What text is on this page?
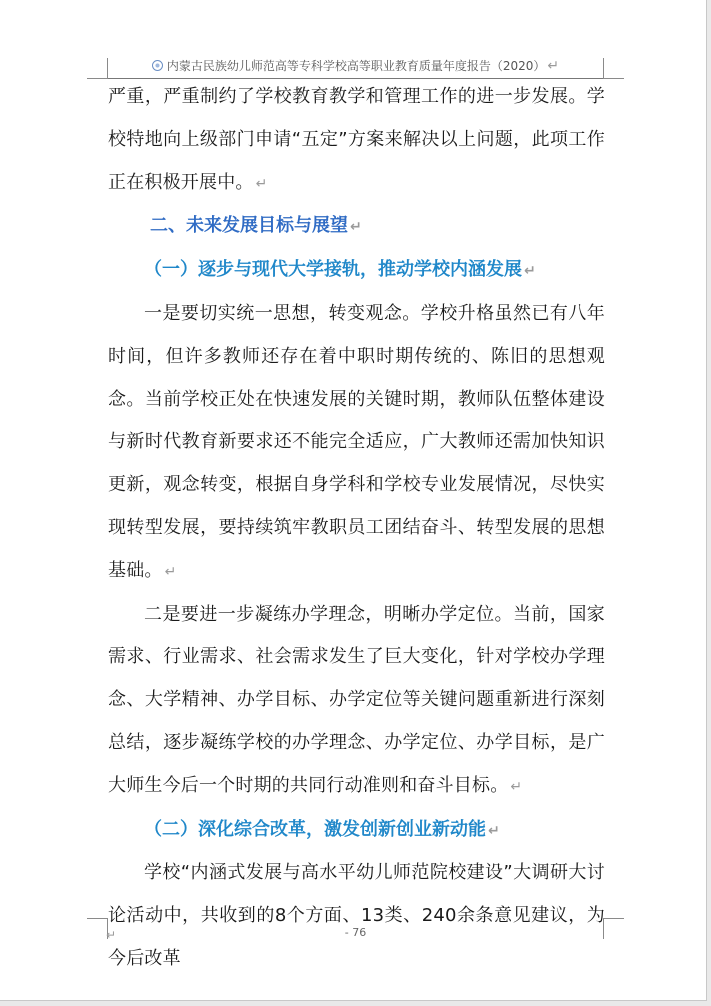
内蒙古民族幼儿师范高等专科学校高等职业教育质量年度报告（2020） ↵

严重，严重制约了学校教育教学和管理工作的进一步发展。学校特地向上级部门申请“五定”方案来解决以上问题，此项工作正在积极开展中。 ↵

二、未来发展目标与展望 ↵

（一）逐步与现代大学接轨，推动学校内涵发展 ↵

一是要切实统一思想，转变观念。学校升格虽然已有八年时间，但许多教师还存在着中职时期传统的、陈旧的思想观念。当前学校正处在快速发展的关键时期，教师队伍整体建设与新时代教育新要求还不能完全适应，广大教师还需加快知识更新，观念转变，根据自身学科和学校专业发展情况，尽快实现转型发展，要持续筑牢教职员工团结奋斗、转型发展的思想基础。 ↵

二是要进一步凝练办学理念，明晰办学定位。当前，国家需求、行业需求、社会需求发生了巨大变化，针对学校办学理念、大学精神、办学目标、办学定位等关键问题重新进行深刻总结，逐步凝练学校的办学理念、办学定位、办学目标，是广大师生今后一个时期的共同行动准则和奋斗目标。 ↵

（二）深化综合改革，激发创新创业新动能 ↵

学校“内涵式发展与高水平幼儿师范院校建设”大调研大讨论活动中，共收到的8个方面、13类、240余条意见建议，为今后改革

↵	- 76
